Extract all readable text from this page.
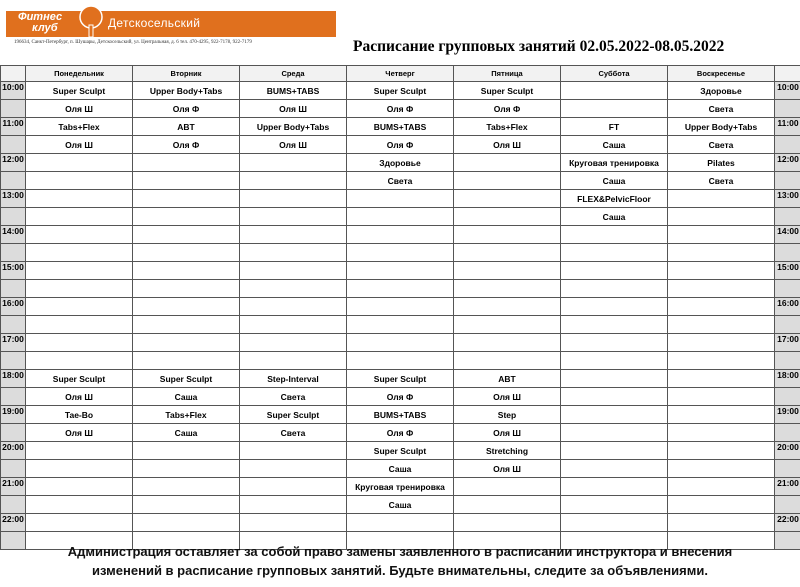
Фитнес
клуб	Детскосельский
196634, Санкт-Петербург, п. Шушары, Детскосельский, ул. Центральная, д. 6 тел. 470-4295, 922-7178, 922-7179	Расписание групповых занятий 02.05.2022-08.05.2022
	Понедельник	Вторник	Среда	Четверг	Пятница	Суббота	Воскресенье	
10:00	Super Sculpt	Upper Body+Tabs	BUMS+TABS	Super Sculpt	Super Sculpt		Здоровье	10:00
	Оля Ш	Оля Ф	Оля Ш	Оля Ф	Оля Ф		Света	
11:00	Tabs+Flex	ABT	Upper Body+Tabs	BUMS+TABS	Tabs+Flex	FT	Upper Body+Tabs	11:00
	Оля Ш	Оля Ф	Оля Ш	Оля Ф	Оля Ш	Саша	Света	
12:00				Здоровье		Круговая тренировка	Pilates	12:00
				Света		Саша	Света	
13:00						FLEX&PelvicFloor		13:00
						Саша		
14:00								14:00

15:00								15:00

16:00								16:00

17:00								17:00

18:00	Super Sculpt	Super Sculpt	Step-Interval	Super Sculpt	ABT			18:00
	Оля Ш	Саша	Света	Оля Ф	Оля Ш			
19:00	Tae-Bo	Tabs+Flex	Super Sculpt	BUMS+TABS	Step			19:00
	Оля Ш	Саша	Света	Оля Ф	Оля Ш			
20:00				Super Sculpt	Stretching			20:00
				Саша	Оля Ш			
21:00				Круговая тренировка				21:00
				Саша				
22:00								22:00

Администрация оставляет за собой право замены заявленного в расписании инструктора и внесения
изменений в расписание групповых занятий. Будьте внимательны, следите за объявлениями.
